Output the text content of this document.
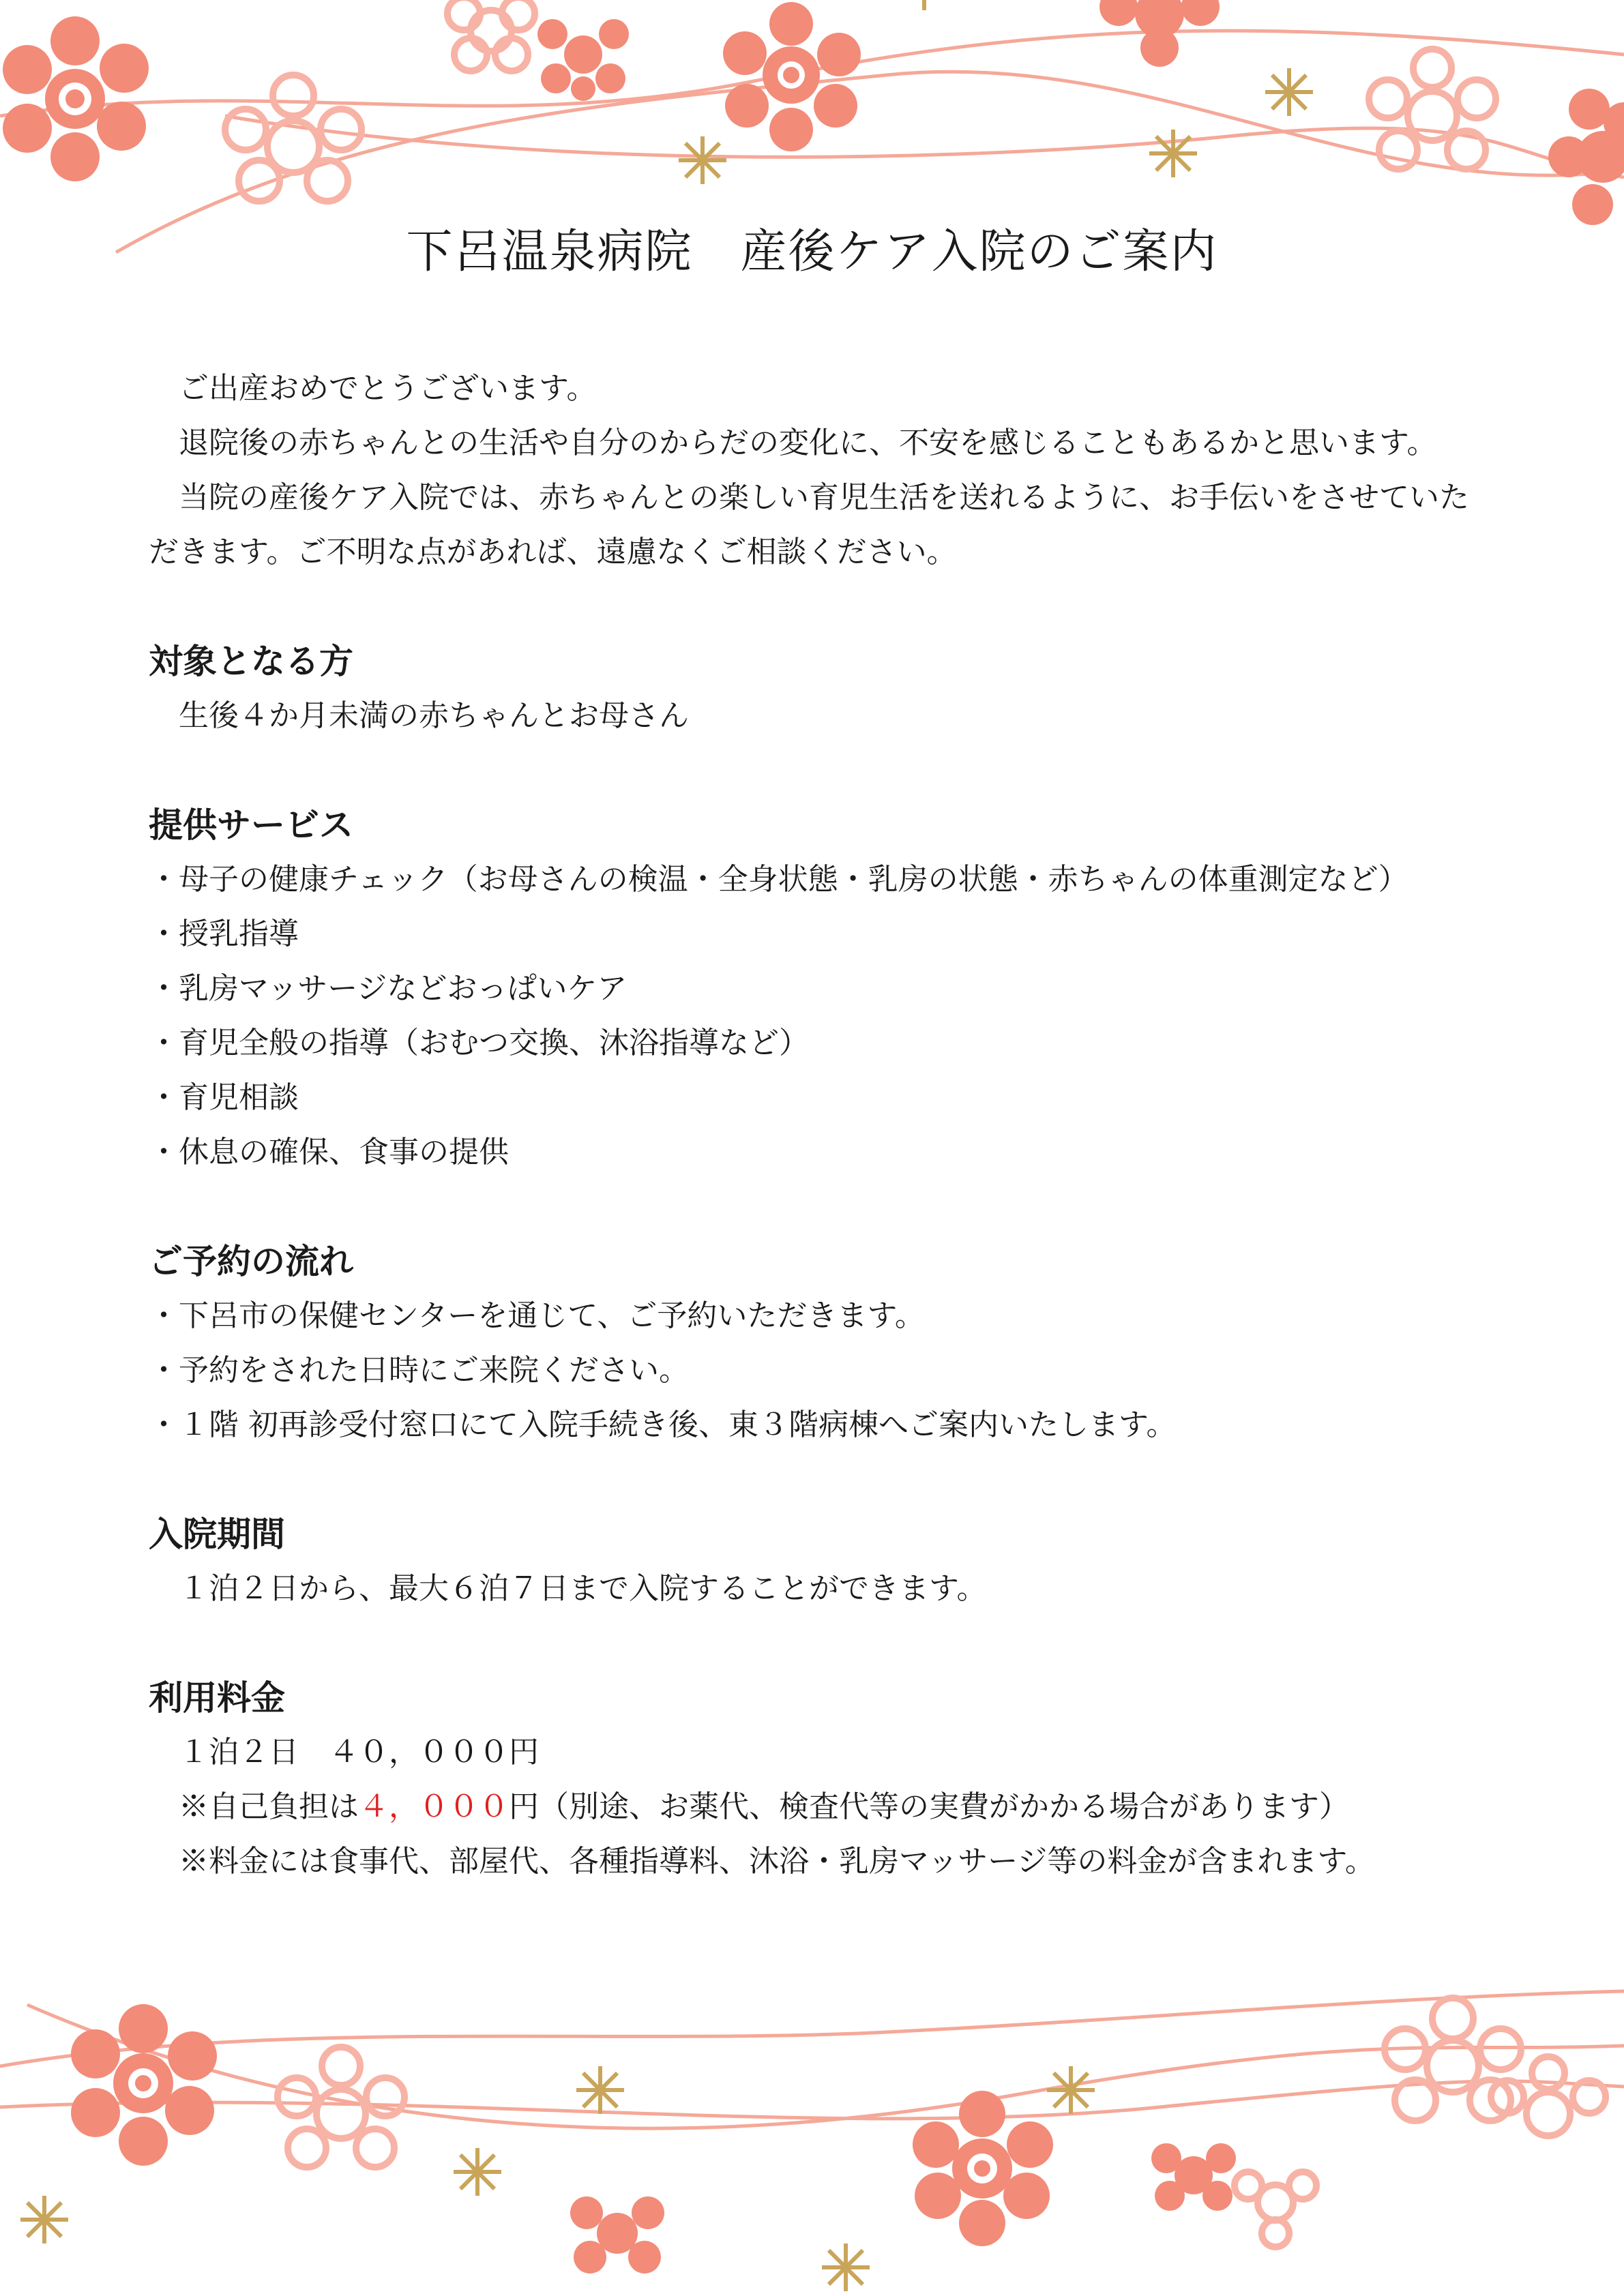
下呂温泉病院　産後ケア入院のご案内

ご出産おめでとうございます。

退院後の赤ちゃんとの生活や自分のからだの変化に、不安を感じることもあるかと思います。

当院の産後ケア入院では、赤ちゃんとの楽しい育児生活を送れるように、お手伝いをさせていた

だきます。ご不明な点があれば、遠慮なくご相談ください。

対象となる方

生後４か月未満の赤ちゃんとお母さん

提供サービス

・母子の健康チェック（お母さんの検温・全身状態・乳房の状態・赤ちゃんの体重測定など）

・授乳指導

・乳房マッサージなどおっぱいケア

・育児全般の指導（おむつ交換、沐浴指導など）

・育児相談

・休息の確保、食事の提供

ご予約の流れ

・下呂市の保健センターを通じて、ご予約いただきます。

・予約をされた日時にご来院ください。

・１階 初再診受付窓口にて入院手続き後、東３階病棟へご案内いたします。

入院期間

１泊２日から、最大６泊７日まで入院することができます。

利用料金

１泊２日　４０，０００円

※自己負担は４，０００円（別途、お薬代、検査代等の実費がかかる場合があります）

※料金には食事代、部屋代、各種指導料、沐浴・乳房マッサージ等の料金が含まれます。
